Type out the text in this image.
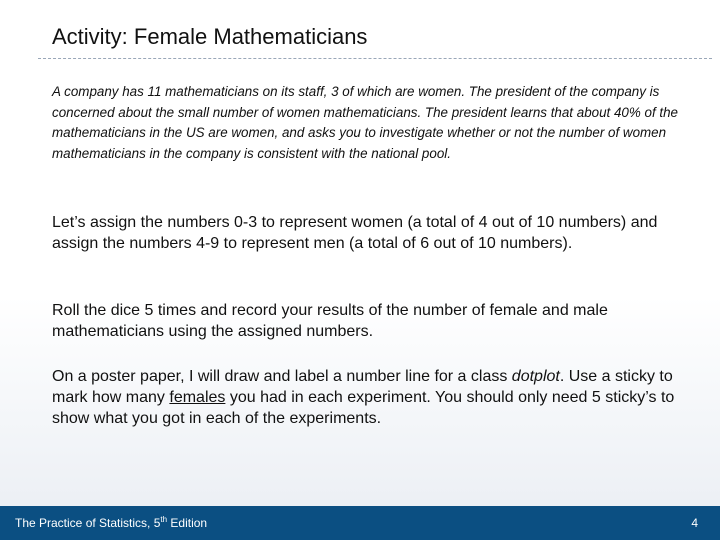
Activity: Female Mathematicians
A company has 11 mathematicians on its staff, 3 of which are women. The president of the company is concerned about the small number of women mathematicians. The president learns that about 40% of the mathematicians in the US are women, and asks you to investigate whether or not the number of women mathematicians in the company is consistent with the national pool.
Let’s assign the numbers 0-3 to represent women (a total of 4 out of 10 numbers) and assign the numbers 4-9 to represent men (a total of 6 out of 10 numbers).
Roll the dice 5 times and record your results of the number of female and male mathematicians using the assigned numbers.
On a poster paper, I will draw and label a number line for a class dotplot. Use a sticky to mark how many females you had in each experiment. You should only need 5 sticky’s to show what you got in each of the experiments.
The Practice of Statistics, 5th Edition	4
